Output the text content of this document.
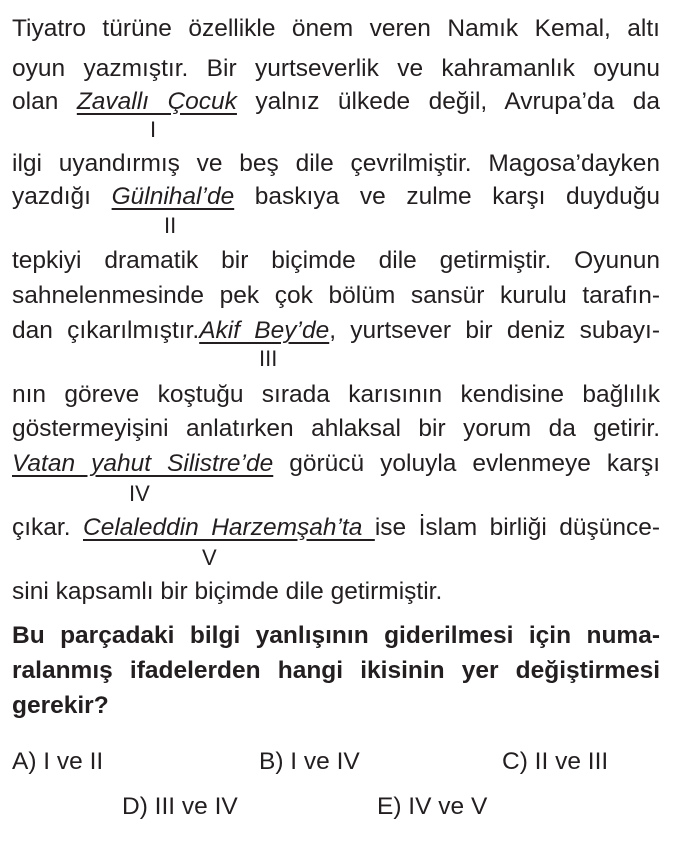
Tiyatro türüne özellikle önem veren Namık Kemal, altı
oyun yazmıştır. Bir yurtseverlik ve kahramanlık oyunu
olan Zavallı Çocuk yalnız ülkede değil, Avrupa’da da
I
ilgi uyandırmış ve beş dile çevrilmiştir. Magosa’dayken
yazdığı Gülnihal’de baskıya ve zulme karşı duyduğu
II
tepkiyi dramatik bir biçimde dile getirmiştir. Oyunun
sahnelenmesinde pek çok bölüm sansür kurulu tarafın-
dan çıkarılmıştır.Akif Bey’de, yurtsever bir deniz subayı-
III
nın göreve koştuğu sırada karısının kendisine bağlılık
göstermeyişini anlatırken ahlaksal bir yorum da getirir.
Vatan yahut Silistre’de görücü yoluyla evlenmeye karşı
IV
çıkar. Celaleddin Harzemşah’ta ise İslam birliği düşünce-
V
sini kapsamlı bir biçimde dile getirmiştir.
Bu parçadaki bilgi yanlışının giderilmesi için numa-
ralanmış ifadelerden hangi ikisinin yer değiştirmesi
gerekir?
A) I ve II	B) I ve IV	C) II ve III
D) III ve IV	E) IV ve V
